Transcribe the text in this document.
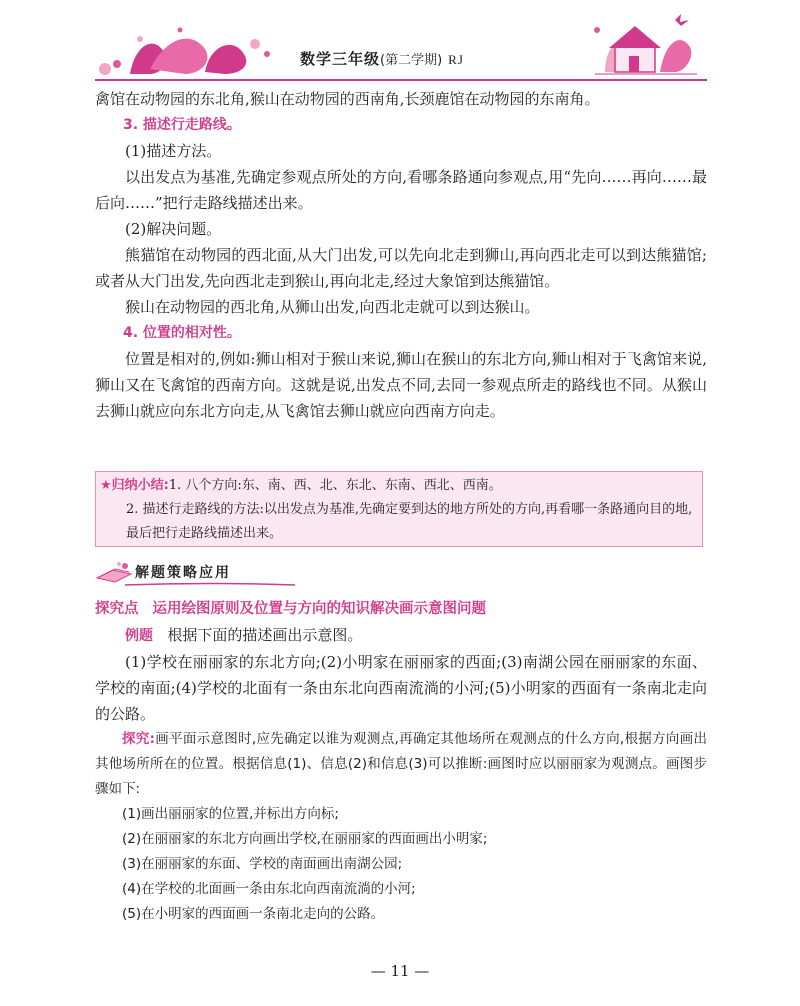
数学三年级(第二学期) RJ

禽馆在动物园的东北角,猴山在动物园的西南角,长颈鹿馆在动物园的东南角。

3. 描述行走路线。

(1)描述方法。

以出发点为基准,先确定参观点所处的方向,看哪条路通向参观点,用“先向……再向……最后向……”把行走路线描述出来。

(2)解决问题。

熊猫馆在动物园的西北面,从大门出发,可以先向北走到狮山,再向西北走可以到达熊猫馆;或者从大门出发,先向西北走到猴山,再向北走,经过大象馆到达熊猫馆。

猴山在动物园的西北角,从狮山出发,向西北走就可以到达猴山。

4. 位置的相对性。

位置是相对的,例如:狮山相对于猴山来说,狮山在猴山的东北方向,狮山相对于飞禽馆来说,狮山又在飞禽馆的西南方向。这就是说,出发点不同,去同一参观点所走的路线也不同。从猴山去狮山就应向东北方向走,从飞禽馆去狮山就应向西南方向走。

★归纳小结:1. 八个方向:东、南、西、北、东北、东南、西北、西南。

2. 描述行走路线的方法:以出发点为基准,先确定要到达的地方所处的方向,再看哪一条路通向目的地,最后把行走路线描述出来。

解题策略应用
探究点 运用绘图原则及位置与方向的知识解决画示意图问题

例题 根据下面的描述画出示意图。

(1)学校在丽丽家的东北方向;(2)小明家在丽丽家的西面;(3)南湖公园在丽丽家的东面、学校的南面;(4)学校的北面有一条由东北向西南流淌的小河;(5)小明家的西面有一条南北走向的公路。

探究:画平面示意图时,应先确定以谁为观测点,再确定其他场所在观测点的什么方向,根据方向画出其他场所所在的位置。根据信息(1)、信息(2)和信息(3)可以推断:画图时应以丽丽家为观测点。画图步骤如下:

(1)画出丽丽家的位置,并标出方向标;

(2)在丽丽家的东北方向画出学校,在丽丽家的西面画出小明家;

(3)在丽丽家的东面、学校的南面画出南湖公园;

(4)在学校的北面画一条由东北向西南流淌的小河;

(5)在小明家的西面画一条南北走向的公路。

— 11 —
